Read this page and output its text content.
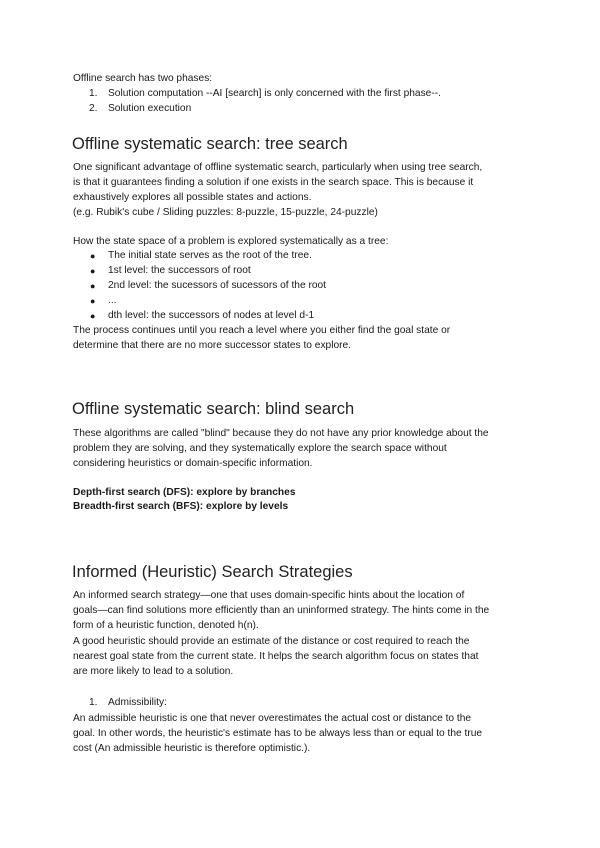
Offline search has two phases:
1. Solution computation --AI [search] is only concerned with the first phase--.
2. Solution execution
Offline systematic search: tree search
One significant advantage of offline systematic search, particularly when using tree search,
is that it guarantees finding a solution if one exists in the search space. This is because it
exhaustively explores all possible states and actions.
(e.g. Rubik's cube / Sliding puzzles: 8-puzzle, 15-puzzle, 24-puzzle)
How the state space of a problem is explored systematically as a tree:
● The initial state serves as the root of the tree.
● 1st level: the successors of root
● 2nd level: the sucessors of sucessors of the root
● ...
● dth level: the successors of nodes at level d-1
The process continues until you reach a level where you either find the goal state or
determine that there are no more successor states to explore.
Offline systematic search: blind search
These algorithms are called "blind" because they do not have any prior knowledge about the
problem they are solving, and they systematically explore the search space without
considering heuristics or domain-specific information.
Depth-first search (DFS): explore by branches
Breadth-first search (BFS): explore by levels
Informed (Heuristic) Search Strategies
An informed search strategy—one that uses domain-specific hints about the location of
goals—can find solutions more efficiently than an uninformed strategy. The hints come in the
form of a heuristic function, denoted h(n).
A good heuristic should provide an estimate of the distance or cost required to reach the
nearest goal state from the current state. It helps the search algorithm focus on states that
are more likely to lead to a solution.
1. Admissibility:
An admissible heuristic is one that never overestimates the actual cost or distance to the
goal. In other words, the heuristic's estimate has to be always less than or equal to the true
cost (An admissible heuristic is therefore optimistic.).
